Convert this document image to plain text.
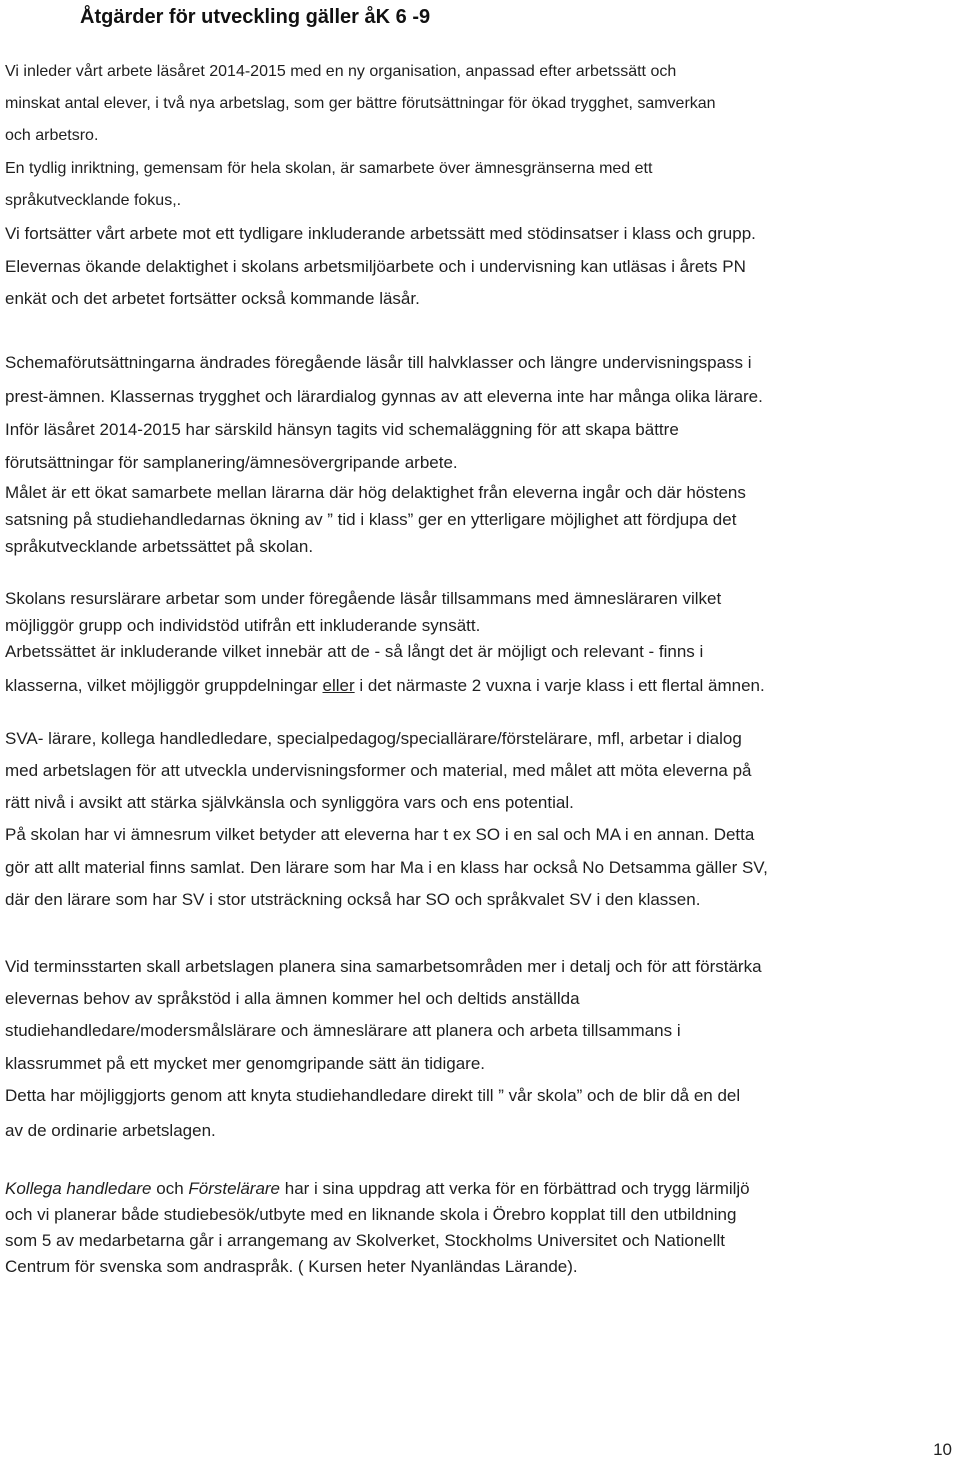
Åtgärder för utveckling gäller åK 6 -9
Vi inleder vårt arbete läsåret 2014-2015 med en ny organisation, anpassad efter arbetssätt och
minskat antal elever, i två nya arbetslag, som ger bättre förutsättningar för ökad trygghet, samverkan
och arbetsro.
En tydlig inriktning, gemensam för hela skolan, är samarbete över ämnesgränserna med ett
språkutvecklande fokus,.
Vi fortsätter vårt arbete mot ett tydligare inkluderande arbetssätt med stödinsatser i klass och grupp.
Elevernas ökande delaktighet i skolans arbetsmiljöarbete och i undervisning kan utläsas i årets PN
enkät och det arbetet fortsätter också kommande läsår.
Schemaförutsättningarna ändrades föregående läsår till halvklasser och längre undervisningspass i
prest-ämnen. Klassernas trygghet och lärardialog gynnas av att eleverna inte har många olika lärare.
Inför läsåret 2014-2015 har särskild hänsyn tagits vid schemaläggning för att skapa bättre
förutsättningar för samplanering/ämnesövergripande arbete.
Målet är ett ökat samarbete mellan lärarna där hög delaktighet från eleverna ingår och där höstens
satsning på studiehandledarnas ökning av ” tid i klass” ger en ytterligare möjlighet att fördjupa det
språkutvecklande arbetssättet på skolan.
Skolans resurslärare arbetar som under föregående läsår tillsammans med ämnesläraren vilket
möjliggör grupp och individstöd utifrån ett inkluderande synsätt.
Arbetssättet är inkluderande vilket innebär att de - så långt det är möjligt och relevant - finns i
klasserna, vilket möjliggör gruppdelningar eller i det närmaste 2 vuxna i varje klass i ett flertal ämnen.
SVA- lärare, kollega handledledare, specialpedagog/speciallärare/förstelärare, mfl, arbetar i dialog
med arbetslagen för att utveckla undervisningsformer och material, med målet att möta eleverna på
rätt nivå i avsikt att stärka självkänsla och synliggöra vars och ens potential.
På skolan har vi ämnesrum vilket betyder att eleverna har t ex SO i en sal och MA i en annan. Detta
gör att allt material finns samlat. Den lärare som har Ma i en klass har också No Detsamma gäller SV,
där den lärare som har SV i stor utsträckning också har SO och språkvalet SV i den klassen.
Vid terminsstarten skall arbetslagen planera sina samarbetsområden mer i detalj och för att förstärka
elevernas behov av språkstöd i alla ämnen kommer hel och deltids anställda
studiehandledare/modersmålslärare och ämneslärare att planera och arbeta tillsammans i
klassrummet på ett mycket mer genomgripande sätt än tidigare.
Detta har möjliggjorts genom att knyta studiehandledare direkt till ” vår skola” och de blir då en del
av de ordinarie arbetslagen.
Kollega handledare och Förstelärare har i sina uppdrag att verka för en förbättrad och trygg lärmiljö
och vi planerar både studiebesök/utbyte med en liknande skola i Örebro kopplat till den utbildning
som 5 av medarbetarna går i arrangemang av Skolverket, Stockholms Universitet och Nationellt
Centrum för svenska som andraspråk. ( Kursen heter Nyanländas Lärande).
10
